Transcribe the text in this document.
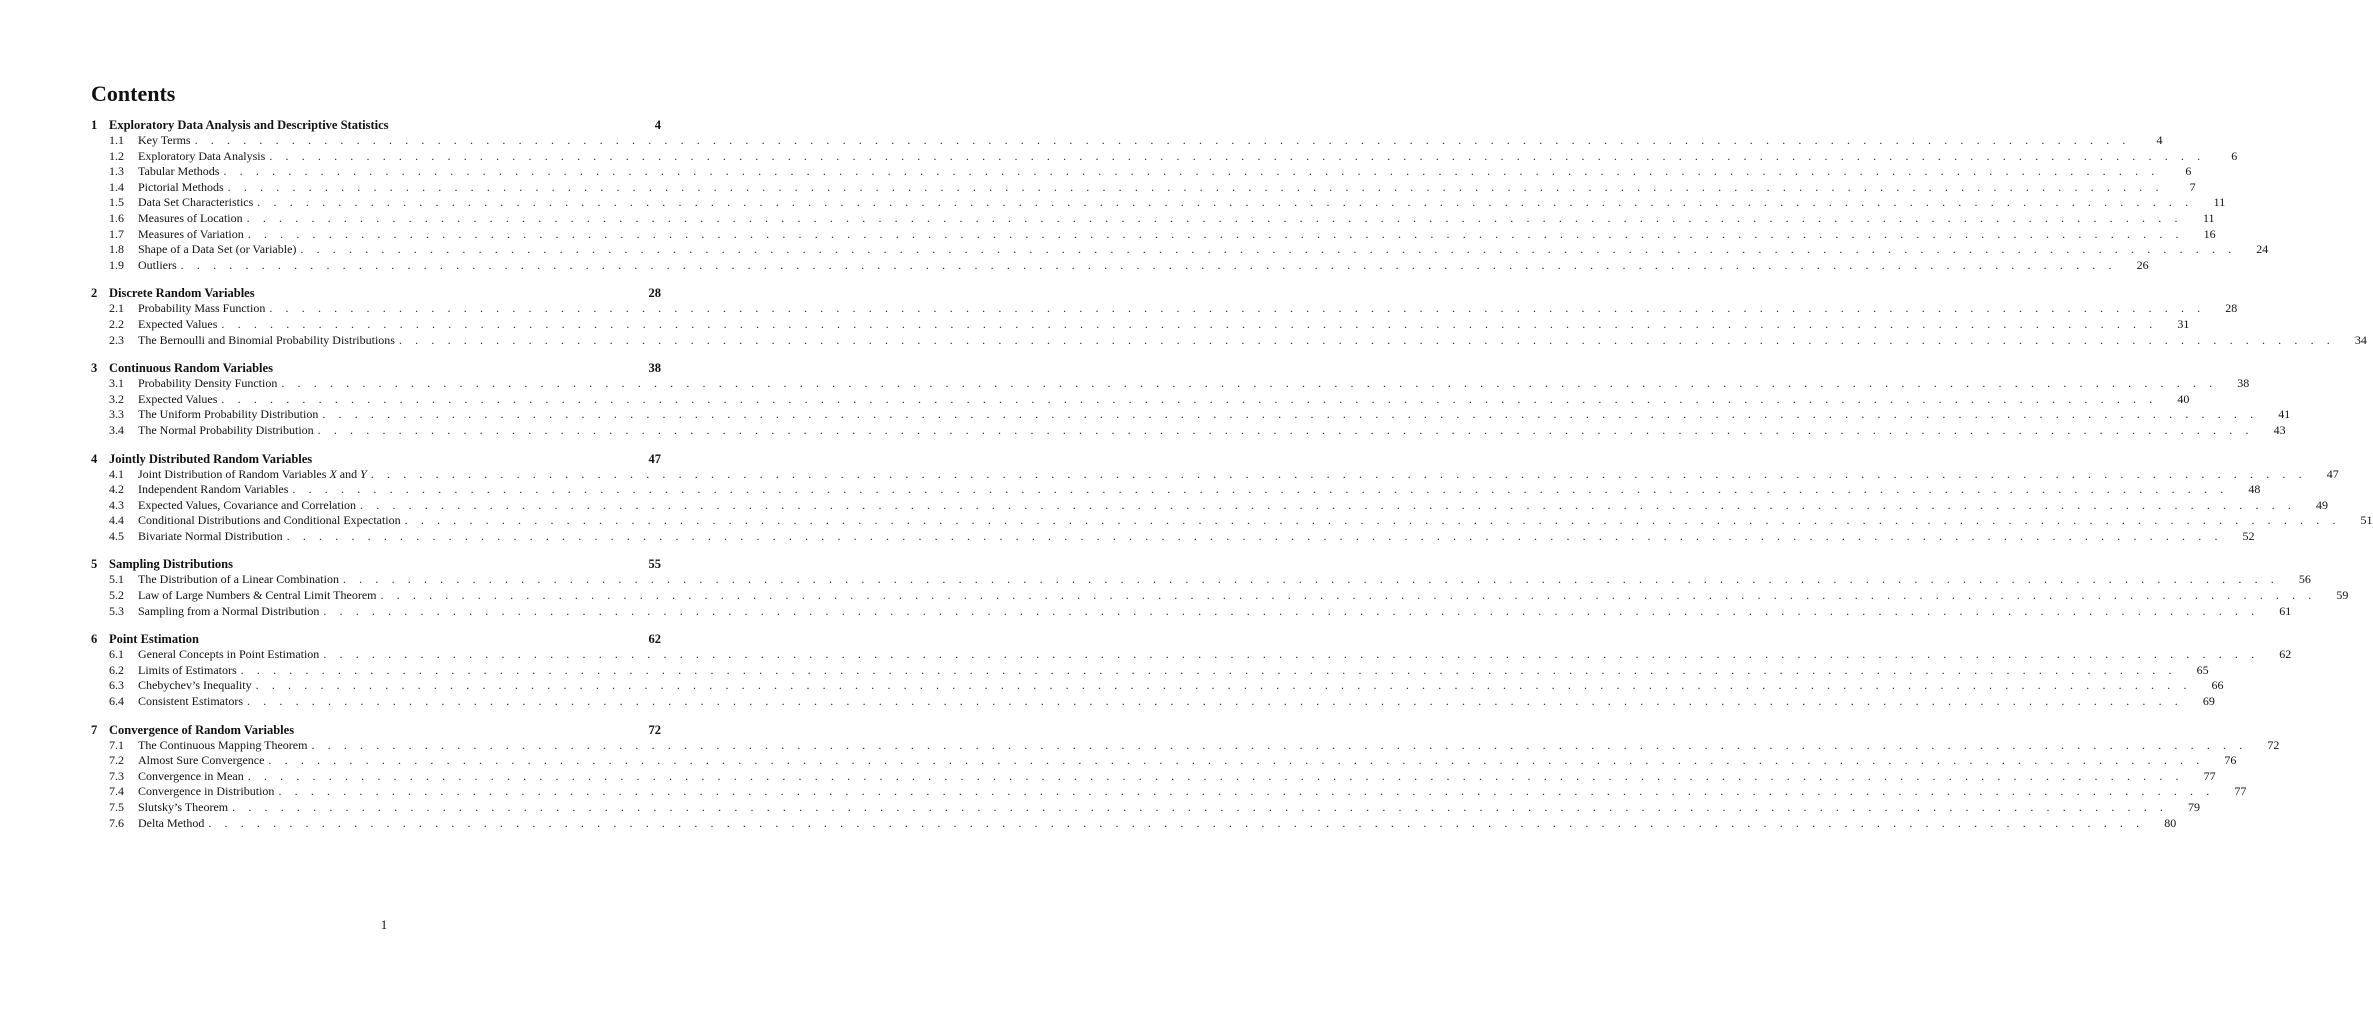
Contents
1 Exploratory Data Analysis and Descriptive Statistics	4
1.1	Key Terms . . . . . . . . . . . . . . . . . . . . . . . . . . . . . . . . . . . . . . . . . . . . . . . . . . . . . . . . . . . . . . . . . . . . . . . . . . . . . . . . . . . . . . . . . . . . . . . . . . . . . . . . . . . . . . . . . . . . . . . .	4
1.2	Exploratory Data Analysis . . . . . . . . . . . . . . . . . . . . . . . . . . . . . . . . . . . . . . . . . . . . . . . . . . . . . . . . . . . . . . . . . . . . . . . . . . . . . . . . . . . . . . . . . . . . . . . . . . . . . . . . . . . . . . . . . . . . . . . .	6
1.3	Tabular Methods . . . . . . . . . . . . . . . . . . . . . . . . . . . . . . . . . . . . . . . . . . . . . . . . . . . . . . . . . . . . . . . . . . . . . . . . . . . . . . . . . . . . . . . . . . . . . . . . . . . . . . . . . . . . . . . . . . . . . . . .	6
1.4	Pictorial Methods . . . . . . . . . . . . . . . . . . . . . . . . . . . . . . . . . . . . . . . . . . . . . . . . . . . . . . . . . . . . . . . . . . . . . . . . . . . . . . . . . . . . . . . . . . . . . . . . . . . . . . . . . . . . . . . . . . . . . . . .	7
1.5	Data Set Characteristics . . . . . . . . . . . . . . . . . . . . . . . . . . . . . . . . . . . . . . . . . . . . . . . . . . . . . . . . . . . . . . . . . . . . . . . . . . . . . . . . . . . . . . . . . . . . . . . . . . . . . . . . . . . . . . . . . . . . . . . .	11
1.6	Measures of Location . . . . . . . . . . . . . . . . . . . . . . . . . . . . . . . . . . . . . . . . . . . . . . . . . . . . . . . . . . . . . . . . . . . . . . . . . . . . . . . . . . . . . . . . . . . . . . . . . . . . . . . . . . . . . . . . . . . . . . . .	11
1.7	Measures of Variation . . . . . . . . . . . . . . . . . . . . . . . . . . . . . . . . . . . . . . . . . . . . . . . . . . . . . . . . . . . . . . . . . . . . . . . . . . . . . . . . . . . . . . . . . . . . . . . . . . . . . . . . . . . . . . . . . . . . . . . .	16
1.8	Shape of a Data Set (or Variable) . . . . . . . . . . . . . . . . . . . . . . . . . . . . . . . . . . . . . . . . . . . . . . . . . . . . . . . . . . . . . . . . . . . . . . . . . . . . . . . . . . . . . . . . . . . . . . . . . . . . . . . . . . . . . . . . . . . . . . . .	24
1.9	Outliers . . . . . . . . . . . . . . . . . . . . . . . . . . . . . . . . . . . . . . . . . . . . . . . . . . . . . . . . . . . . . . . . . . . . . . . . . . . . . . . . . . . . . . . . . . . . . . . . . . . . . . . . . . . . . . . . . . . . . . . .	26
2 Discrete Random Variables	28
2.1	Probability Mass Function . . . . . . . . . . . . . . . . . . . . . . . . . . . . . . . . . . . . . . . . . . . . . . . . . . . . . . . . . . . . . . . . . . . . . . . . . . . . . . . . . . . . . . . . . . . . . . . . . . . . . . . . . . . . . . . . . . . . . . . .	28
2.2	Expected Values . . . . . . . . . . . . . . . . . . . . . . . . . . . . . . . . . . . . . . . . . . . . . . . . . . . . . . . . . . . . . . . . . . . . . . . . . . . . . . . . . . . . . . . . . . . . . . . . . . . . . . . . . . . . . . . . . . . . . . . .	31
2.3	The Bernoulli and Binomial Probability Distributions . . . . . . . . . . . . . . . . . . . . . . . . . . . . . . . . . . . . . . . . . . . . . . . . . . . . . . . . . . . . . . . . . . . . . . . . . . . . . . . . . . . . . . . . . . . . . . . . . . . . . . . . . . . . . . . . . . . . . . . .	34
3 Continuous Random Variables	38
3.1	Probability Density Function . . . . . . . . . . . . . . . . . . . . . . . . . . . . . . . . . . . . . . . . . . . . . . . . . . . . . . . . . . . . . . . . . . . . . . . . . . . . . . . . . . . . . . . . . . . . . . . . . . . . . . . . . . . . . . . . . . . . . . . .	38
3.2	Expected Values . . . . . . . . . . . . . . . . . . . . . . . . . . . . . . . . . . . . . . . . . . . . . . . . . . . . . . . . . . . . . . . . . . . . . . . . . . . . . . . . . . . . . . . . . . . . . . . . . . . . . . . . . . . . . . . . . . . . . . . .	40
3.3	The Uniform Probability Distribution . . . . . . . . . . . . . . . . . . . . . . . . . . . . . . . . . . . . . . . . . . . . . . . . . . . . . . . . . . . . . . . . . . . . . . . . . . . . . . . . . . . . . . . . . . . . . . . . . . . . . . . . . . . . . . . . . . . . . . . .	41
3.4	The Normal Probability Distribution . . . . . . . . . . . . . . . . . . . . . . . . . . . . . . . . . . . . . . . . . . . . . . . . . . . . . . . . . . . . . . . . . . . . . . . . . . . . . . . . . . . . . . . . . . . . . . . . . . . . . . . . . . . . . . . . . . . . . . . .	43
4 Jointly Distributed Random Variables	47
4.1	Joint Distribution of Random Variables X and Y . . . . . . . . . . . . . . . . . . . . . . . . . . . . . . . . . . . . . . . . . . . . . . . . . . . . . . . . . . . . . . . . . . . . . . . . . . . . . . . . . . . . . . . . . . . . . . . . . . . . . . . . . . . . . . . . . . . . . . . .	47
4.2	Independent Random Variables . . . . . . . . . . . . . . . . . . . . . . . . . . . . . . . . . . . . . . . . . . . . . . . . . . . . . . . . . . . . . . . . . . . . . . . . . . . . . . . . . . . . . . . . . . . . . . . . . . . . . . . . . . . . . . . . . . . . . . . .	48
4.3	Expected Values, Covariance and Correlation . . . . . . . . . . . . . . . . . . . . . . . . . . . . . . . . . . . . . . . . . . . . . . . . . . . . . . . . . . . . . . . . . . . . . . . . . . . . . . . . . . . . . . . . . . . . . . . . . . . . . . . . . . . . . . . . . . . . . . . .	49
4.4	Conditional Distributions and Conditional Expectation . . . . . . . . . . . . . . . . . . . . . . . . . . . . . . . . . . . . . . . . . . . . . . . . . . . . . . . . . . . . . . . . . . . . . . . . . . . . . . . . . . . . . . . . . . . . . . . . . . . . . . . . . . . . . . . . . . . . . . . .	51
4.5	Bivariate Normal Distribution . . . . . . . . . . . . . . . . . . . . . . . . . . . . . . . . . . . . . . . . . . . . . . . . . . . . . . . . . . . . . . . . . . . . . . . . . . . . . . . . . . . . . . . . . . . . . . . . . . . . . . . . . . . . . . . . . . . . . . . .	52
5 Sampling Distributions	55
5.1	The Distribution of a Linear Combination . . . . . . . . . . . . . . . . . . . . . . . . . . . . . . . . . . . . . . . . . . . . . . . . . . . . . . . . . . . . . . . . . . . . . . . . . . . . . . . . . . . . . . . . . . . . . . . . . . . . . . . . . . . . . . . . . . . . . . . .	56
5.2	Law of Large Numbers & Central Limit Theorem . . . . . . . . . . . . . . . . . . . . . . . . . . . . . . . . . . . . . . . . . . . . . . . . . . . . . . . . . . . . . . . . . . . . . . . . . . . . . . . . . . . . . . . . . . . . . . . . . . . . . . . . . . . . . . . . . . . . . . . .	59
5.3	Sampling from a Normal Distribution . . . . . . . . . . . . . . . . . . . . . . . . . . . . . . . . . . . . . . . . . . . . . . . . . . . . . . . . . . . . . . . . . . . . . . . . . . . . . . . . . . . . . . . . . . . . . . . . . . . . . . . . . . . . . . . . . . . . . . . .	61
6 Point Estimation	62
6.1	General Concepts in Point Estimation . . . . . . . . . . . . . . . . . . . . . . . . . . . . . . . . . . . . . . . . . . . . . . . . . . . . . . . . . . . . . . . . . . . . . . . . . . . . . . . . . . . . . . . . . . . . . . . . . . . . . . . . . . . . . . . . . . . . . . . .	62
6.2	Limits of Estimators . . . . . . . . . . . . . . . . . . . . . . . . . . . . . . . . . . . . . . . . . . . . . . . . . . . . . . . . . . . . . . . . . . . . . . . . . . . . . . . . . . . . . . . . . . . . . . . . . . . . . . . . . . . . . . . . . . . . . . . .	65
6.3	Chebychev’s Inequality . . . . . . . . . . . . . . . . . . . . . . . . . . . . . . . . . . . . . . . . . . . . . . . . . . . . . . . . . . . . . . . . . . . . . . . . . . . . . . . . . . . . . . . . . . . . . . . . . . . . . . . . . . . . . . . . . . . . . . . .	66
6.4	Consistent Estimators . . . . . . . . . . . . . . . . . . . . . . . . . . . . . . . . . . . . . . . . . . . . . . . . . . . . . . . . . . . . . . . . . . . . . . . . . . . . . . . . . . . . . . . . . . . . . . . . . . . . . . . . . . . . . . . . . . . . . . . .	69
7 Convergence of Random Variables	72
7.1	The Continuous Mapping Theorem . . . . . . . . . . . . . . . . . . . . . . . . . . . . . . . . . . . . . . . . . . . . . . . . . . . . . . . . . . . . . . . . . . . . . . . . . . . . . . . . . . . . . . . . . . . . . . . . . . . . . . . . . . . . . . . . . . . . . . . .	72
7.2	Almost Sure Convergence . . . . . . . . . . . . . . . . . . . . . . . . . . . . . . . . . . . . . . . . . . . . . . . . . . . . . . . . . . . . . . . . . . . . . . . . . . . . . . . . . . . . . . . . . . . . . . . . . . . . . . . . . . . . . . . . . . . . . . . .	76
7.3	Convergence in Mean . . . . . . . . . . . . . . . . . . . . . . . . . . . . . . . . . . . . . . . . . . . . . . . . . . . . . . . . . . . . . . . . . . . . . . . . . . . . . . . . . . . . . . . . . . . . . . . . . . . . . . . . . . . . . . . . . . . . . . . .	77
7.4	Convergence in Distribution . . . . . . . . . . . . . . . . . . . . . . . . . . . . . . . . . . . . . . . . . . . . . . . . . . . . . . . . . . . . . . . . . . . . . . . . . . . . . . . . . . . . . . . . . . . . . . . . . . . . . . . . . . . . . . . . . . . . . . . .	77
7.5	Slutsky’s Theorem . . . . . . . . . . . . . . . . . . . . . . . . . . . . . . . . . . . . . . . . . . . . . . . . . . . . . . . . . . . . . . . . . . . . . . . . . . . . . . . . . . . . . . . . . . . . . . . . . . . . . . . . . . . . . . . . . . . . . . . .	79
7.6	Delta Method . . . . . . . . . . . . . . . . . . . . . . . . . . . . . . . . . . . . . . . . . . . . . . . . . . . . . . . . . . . . . . . . . . . . . . . . . . . . . . . . . . . . . . . . . . . . . . . . . . . . . . . . . . . . . . . . . . . . . . . .	80
1
